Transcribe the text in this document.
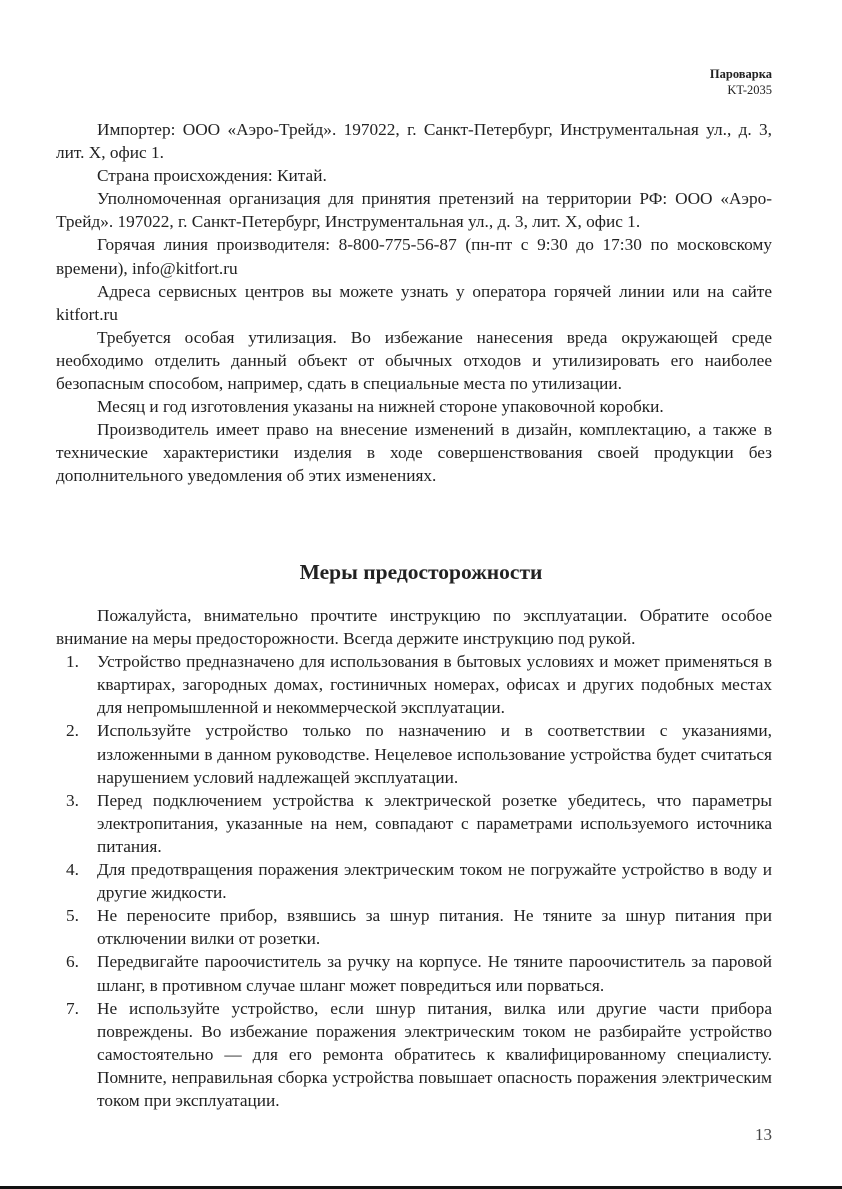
Пароварка
KT-2035

Импортер: ООО «Аэро-Трейд». 197022, г. Санкт-Петербург, Инструментальная ул., д. 3, лит. Х, офис 1.

Страна происхождения: Китай.

Уполномоченная организация для принятия претензий на территории РФ: ООО «Аэро-Трейд». 197022, г. Санкт-Петербург, Инструментальная ул., д. 3, лит. Х, офис 1.

Горячая линия производителя: 8-800-775-56-87 (пн-пт с 9:30 до 17:30 по московскому времени), info@kitfort.ru

Адреса сервисных центров вы можете узнать у оператора горячей линии или на сайте kitfort.ru

Требуется особая утилизация. Во избежание нанесения вреда окружающей среде необходимо отделить данный объект от обычных отходов и утилизировать его наиболее безопасным способом, например, сдать в специальные места по утилизации.

Месяц и год изготовления указаны на нижней стороне упаковочной коробки.

Производитель имеет право на внесение изменений в дизайн, комплектацию, а также в технические характеристики изделия в ходе совершенствования своей продукции без дополнительного уведомления об этих изменениях.

Меры предосторожности

Пожалуйста, внимательно прочтите инструкцию по эксплуатации. Обратите особое внимание на меры предосторожности. Всегда держите инструкцию под рукой.

1. Устройство предназначено для использования в бытовых условиях и может применяться в квартирах, загородных домах, гостиничных номерах, офисах и других подобных местах для непромышленной и некоммерческой эксплуатации.
2. Используйте устройство только по назначению и в соответствии с указаниями, изложенными в данном руководстве. Нецелевое использование устройства будет считаться нарушением условий надлежащей эксплуатации.
3. Перед подключением устройства к электрической розетке убедитесь, что параметры электропитания, указанные на нем, совпадают с параметрами используемого источника питания.
4. Для предотвращения поражения электрическим током не погружайте устройство в воду и другие жидкости.
5. Не переносите прибор, взявшись за шнур питания. Не тяните за шнур питания при отключении вилки от розетки.
6. Передвигайте пароочиститель за ручку на корпусе. Не тяните пароочиститель за паровой шланг, в противном случае шланг может повредиться или порваться.
7. Не используйте устройство, если шнур питания, вилка или другие части прибора повреждены. Во избежание поражения электрическим током не разбирайте устройство самостоятельно — для его ремонта обратитесь к квалифицированному специалисту. Помните, неправильная сборка устройства повышает опасность поражения электрическим током при эксплуатации.
13
